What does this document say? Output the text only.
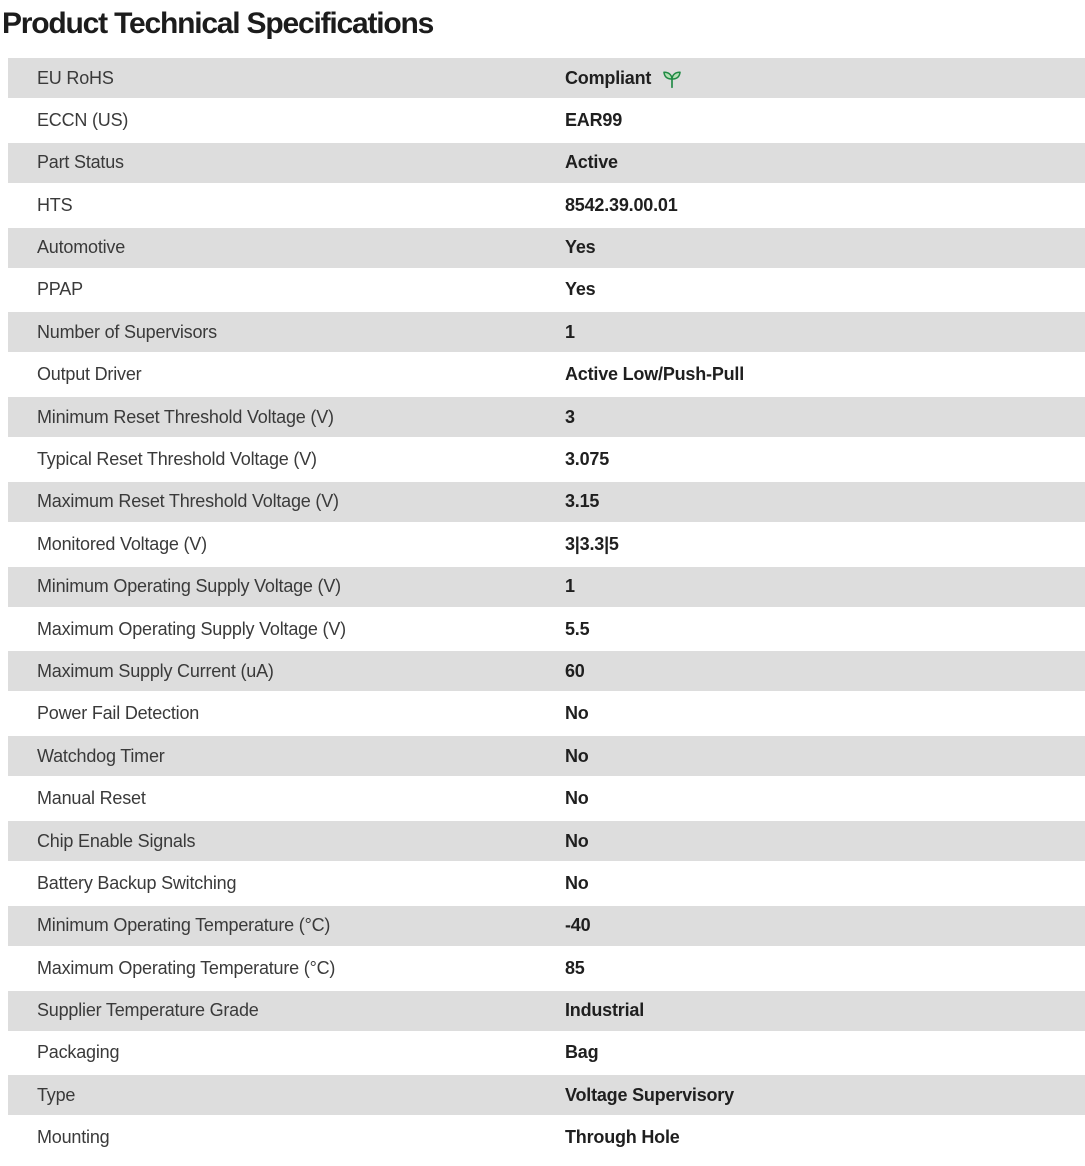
Product Technical Specifications
EU RoHS	Compliant
ECCN (US)	EAR99
Part Status	Active
HTS	8542.39.00.01
Automotive	Yes
PPAP	Yes
Number of Supervisors	1
Output Driver	Active Low/Push-Pull
Minimum Reset Threshold Voltage (V)	3
Typical Reset Threshold Voltage (V)	3.075
Maximum Reset Threshold Voltage (V)	3.15
Monitored Voltage (V)	3|3.3|5
Minimum Operating Supply Voltage (V)	1
Maximum Operating Supply Voltage (V)	5.5
Maximum Supply Current (uA)	60
Power Fail Detection	No
Watchdog Timer	No
Manual Reset	No
Chip Enable Signals	No
Battery Backup Switching	No
Minimum Operating Temperature (°C)	-40
Maximum Operating Temperature (°C)	85
Supplier Temperature Grade	Industrial
Packaging	Bag
Type	Voltage Supervisory
Mounting	Through Hole
